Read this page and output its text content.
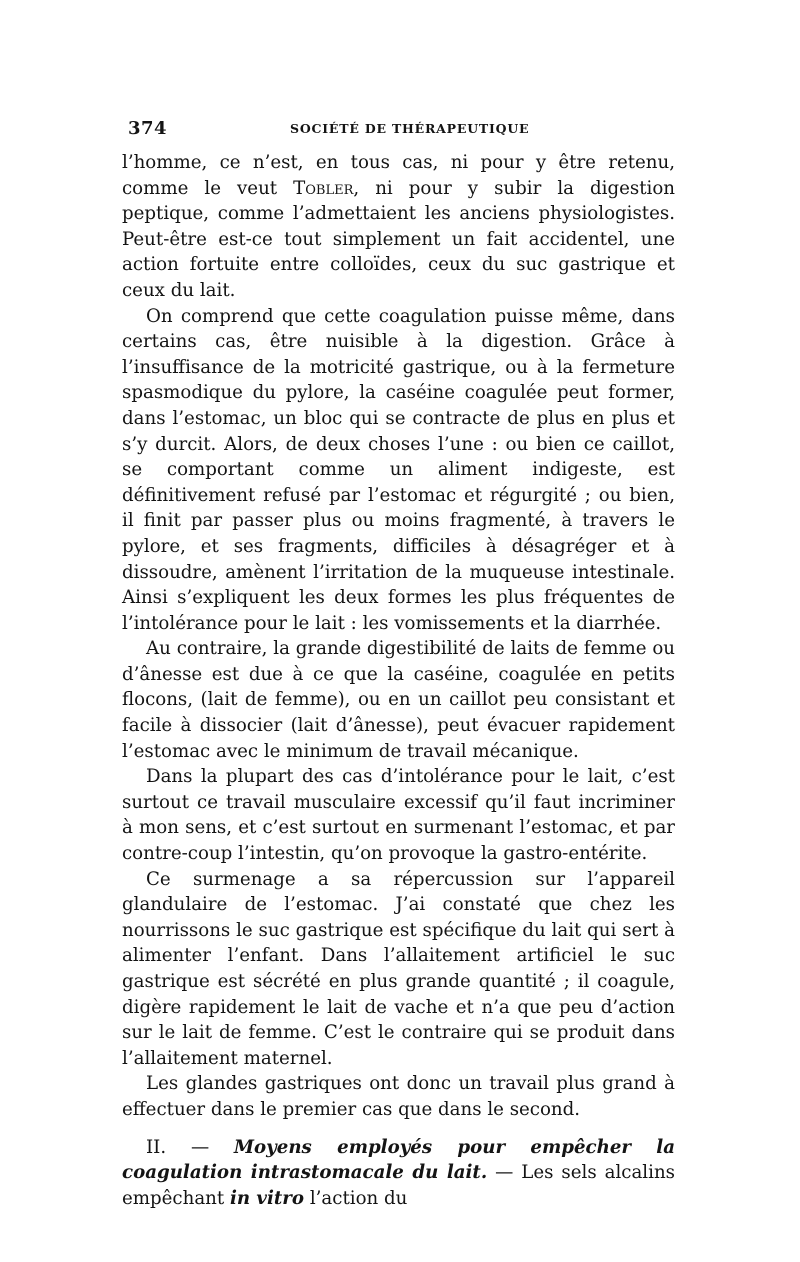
374	SOCIÉTÉ DE THÉRAPEUTIQUE

l’homme, ce n’est, en tous cas, ni pour y être retenu, comme le veut Tobler, ni pour y subir la digestion peptique, comme l’admettaient les anciens physiologistes. Peut-être est-ce tout simplement un fait accidentel, une action fortuite entre colloïdes, ceux du suc gastrique et ceux du lait.

On comprend que cette coagulation puisse même, dans certains cas, être nuisible à la digestion. Grâce à l’insuffisance de la motricité gastrique, ou à la fermeture spasmodique du pylore, la caséine coagulée peut former, dans l’estomac, un bloc qui se contracte de plus en plus et s’y durcit. Alors, de deux choses l’une : ou bien ce caillot, se comportant comme un aliment indigeste, est définitivement refusé par l’estomac et régurgité ; ou bien, il finit par passer plus ou moins fragmenté, à travers le pylore, et ses fragments, difficiles à désagréger et à dissoudre, amènent l’irritation de la muqueuse intestinale. Ainsi s’expliquent les deux formes les plus fréquentes de l’intolérance pour le lait : les vomissements et la diarrhée.

Au contraire, la grande digestibilité de laits de femme ou d’ânesse est due à ce que la caséine, coagulée en petits flocons, (lait de femme), ou en un caillot peu consistant et facile à dissocier (lait d’ânesse), peut évacuer rapidement l’estomac avec le minimum de travail mécanique.

Dans la plupart des cas d’intolérance pour le lait, c’est surtout ce travail musculaire excessif qu’il faut incriminer à mon sens, et c’est surtout en surmenant l’estomac, et par contre-coup l’intestin, qu’on provoque la gastro-entérite.

Ce surmenage a sa répercussion sur l’appareil glandulaire de l’estomac. J’ai constaté que chez les nourrissons le suc gastrique est spécifique du lait qui sert à alimenter l’enfant. Dans l’allaitement artificiel le suc gastrique est sécrété en plus grande quantité ; il coagule, digère rapidement le lait de vache et n’a que peu d’action sur le lait de femme. C’est le contraire qui se produit dans l’allaitement maternel.

Les glandes gastriques ont donc un travail plus grand à effectuer dans le premier cas que dans le second.

II. — Moyens employés pour empêcher la coagulation intrastomacale du lait. — Les sels alcalins empêchant in vitro l’action du
